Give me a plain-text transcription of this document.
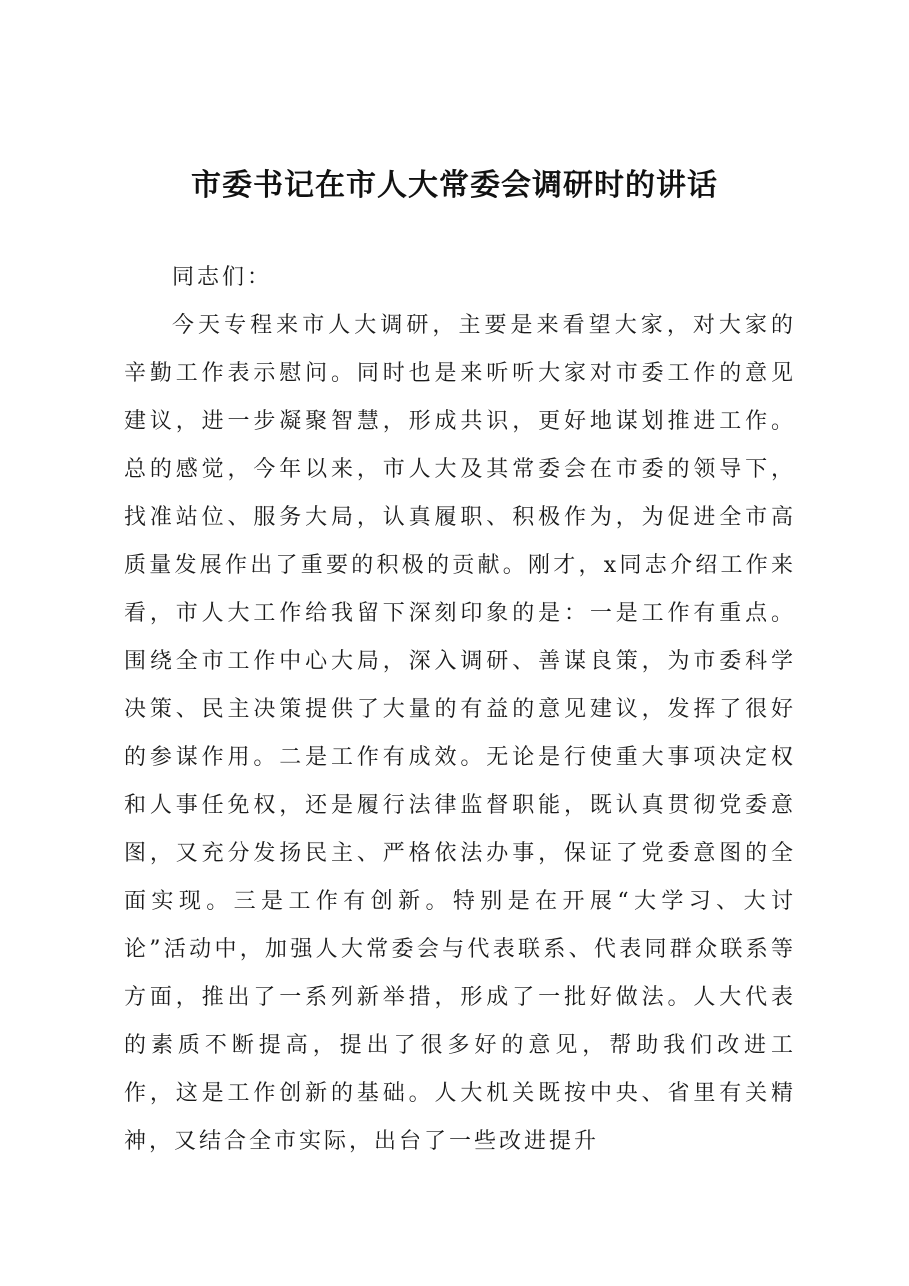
市委书记在市人大常委会调研时的讲话

同志们：

今天专程来市人大调研，主要是来看望大家，对大家的辛勤工作表示慰问。同时也是来听听大家对市委工作的意见建议，进一步凝聚智慧，形成共识，更好地谋划推进工作。总的感觉，今年以来，市人大及其常委会在市委的领导下，找准站位、服务大局，认真履职、积极作为，为促进全市高质量发展作出了重要的积极的贡献。刚才，x同志介绍工作来看，市人大工作给我留下深刻印象的是：一是工作有重点。围绕全市工作中心大局，深入调研、善谋良策，为市委科学决策、民主决策提供了大量的有益的意见建议，发挥了很好的参谋作用。二是工作有成效。无论是行使重大事项决定权和人事任免权，还是履行法律监督职能，既认真贯彻党委意图，又充分发扬民主、严格依法办事，保证了党委意图的全面实现。三是工作有创新。特别是在开展“大学习、大讨论”活动中，加强人大常委会与代表联系、代表同群众联系等方面，推出了一系列新举措，形成了一批好做法。人大代表的素质不断提高，提出了很多好的意见，帮助我们改进工作，这是工作创新的基础。人大机关既按中央、省里有关精神，又结合全市实际，出台了一些改进提升
